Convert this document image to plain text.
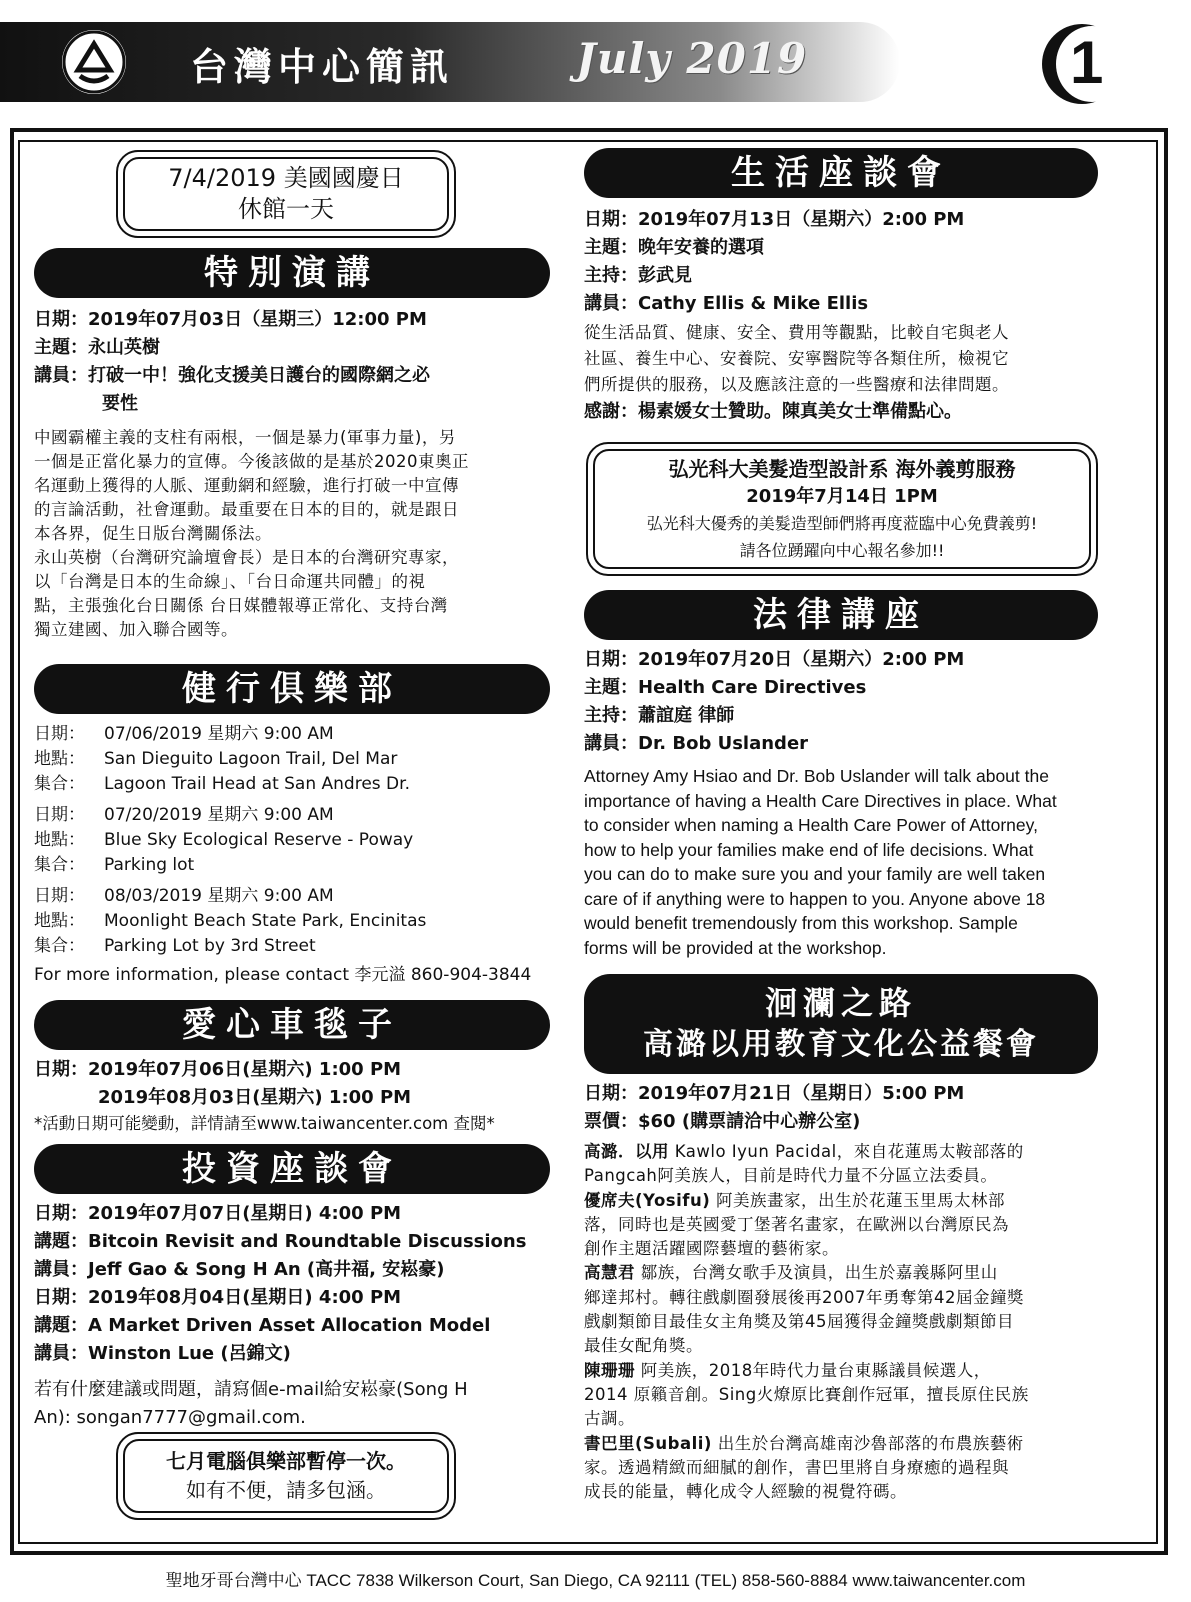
台灣中心簡訊	July 2019	1
7/4/2019 美國國慶日
休館一天
特別演講
日期：2019年07月03日（星期三）12:00 PM
主題：永山英樹
講員：打破一中！強化支援美日護台的國際網之必
要性
中國霸權主義的支柱有兩根，一個是暴力(軍事力量)，另
一個是正當化暴力的宣傳。今後該做的是基於2020東奧正
名運動上獲得的人脈、運動網和經驗，進行打破一中宣傳
的言論活動，社會運動。最重要在日本的目的，就是跟日
本各界，促生日版台灣關係法。
永山英樹（台灣研究論壇會長）是日本的台灣研究專家，
以「台灣是日本的生命線」、「台日命運共同體」的視
點，主張強化台日關係 台日媒體報導正常化、支持台灣
獨立建國、加入聯合國等。
健行俱樂部
日期：	07/06/2019 星期六 9:00 AM
地點：	San Dieguito Lagoon Trail, Del Mar
集合：	Lagoon Trail Head at San Andres Dr.
日期：	07/20/2019 星期六 9:00 AM
地點：	Blue Sky Ecological Reserve - Poway
集合：	Parking lot
日期：	08/03/2019 星期六 9:00 AM
地點：	Moonlight Beach State Park, Encinitas
集合：	Parking Lot by 3rd Street
For more information, please contact 李元溢 860-904-3844
愛心車毯子
日期：2019年07月06日(星期六) 1:00 PM
2019年08月03日(星期六) 1:00 PM
*活動日期可能變動，詳情請至www.taiwancenter.com 查閱*
投資座談會
日期：2019年07月07日(星期日) 4:00 PM
講題：Bitcoin Revisit and Roundtable Discussions
講員：Jeff Gao & Song H An (高井福, 安崧豪)
日期：2019年08月04日(星期日) 4:00 PM
講題：A Market Driven Asset Allocation Model
講員：Winston Lue (呂錦文)
若有什麼建議或問題，請寫個e-mail給安崧豪(Song H
An): songan7777@gmail.com.
七月電腦俱樂部暫停一次。
如有不便，請多包涵。
生活座談會
日期：2019年07月13日（星期六）2:00 PM
主題：晚年安養的選項
主持：彭武見
講員：Cathy Ellis & Mike Ellis
從生活品質、健康、安全、費用等觀點，比較自宅與老人
社區、養生中心、安養院、安寧醫院等各類住所，檢視它
們所提供的服務，以及應該注意的一些醫療和法律問題。
感謝：楊素媛女士贊助。陳真美女士準備點心。
弘光科大美髮造型設計系 海外義剪服務
2019年7月14日 1PM
弘光科大優秀的美髮造型師們將再度蒞臨中心免費義剪!
請各位踴躍向中心報名參加!!
法律講座
日期：2019年07月20日（星期六）2:00 PM
主題：Health Care Directives
主持：蕭誼庭 律師
講員：Dr. Bob Uslander
Attorney Amy Hsiao and Dr. Bob Uslander will talk about the
importance of having a Health Care Directives in place. What
to consider when naming a Health Care Power of Attorney,
how to help your families make end of life decisions. What
you can do to make sure you and your family are well taken
care of if anything were to happen to you. Anyone above 18
would benefit tremendously from this workshop. Sample
forms will be provided at the workshop.
洄瀾之路
高潞以用教育文化公益餐會
日期：2019年07月21日（星期日）5:00 PM
票價：$60 (購票請洽中心辦公室)
高潞．以用 Kawlo Iyun Pacidal，來自花蓮馬太鞍部落的
Pangcah阿美族人，目前是時代力量不分區立法委員。
優席夫(Yosifu) 阿美族畫家，出生於花蓮玉里馬太林部
落，同時也是英國愛丁堡著名畫家，在歐洲以台灣原民為
創作主題活躍國際藝壇的藝術家。
高慧君 鄒族，台灣女歌手及演員，出生於嘉義縣阿里山
鄉達邦村。轉往戲劇圈發展後再2007年勇奪第42屆金鐘獎
戲劇類節目最佳女主角獎及第45屆獲得金鐘獎戲劇類節目
最佳女配角獎。
陳珊珊 阿美族，2018年時代力量台東縣議員候選人，
2014 原籟音創。Sing火燎原比賽創作冠軍，擅長原住民族
古調。
書巴里(Subali) 出生於台灣高雄南沙魯部落的布農族藝術
家。透過精緻而細膩的創作，書巴里將自身療癒的過程與
成長的能量，轉化成令人經驗的視覺符碼。
聖地牙哥台灣中心 TACC 7838 Wilkerson Court, San Diego, CA 92111 (TEL) 858-560-8884 www.taiwancenter.com
